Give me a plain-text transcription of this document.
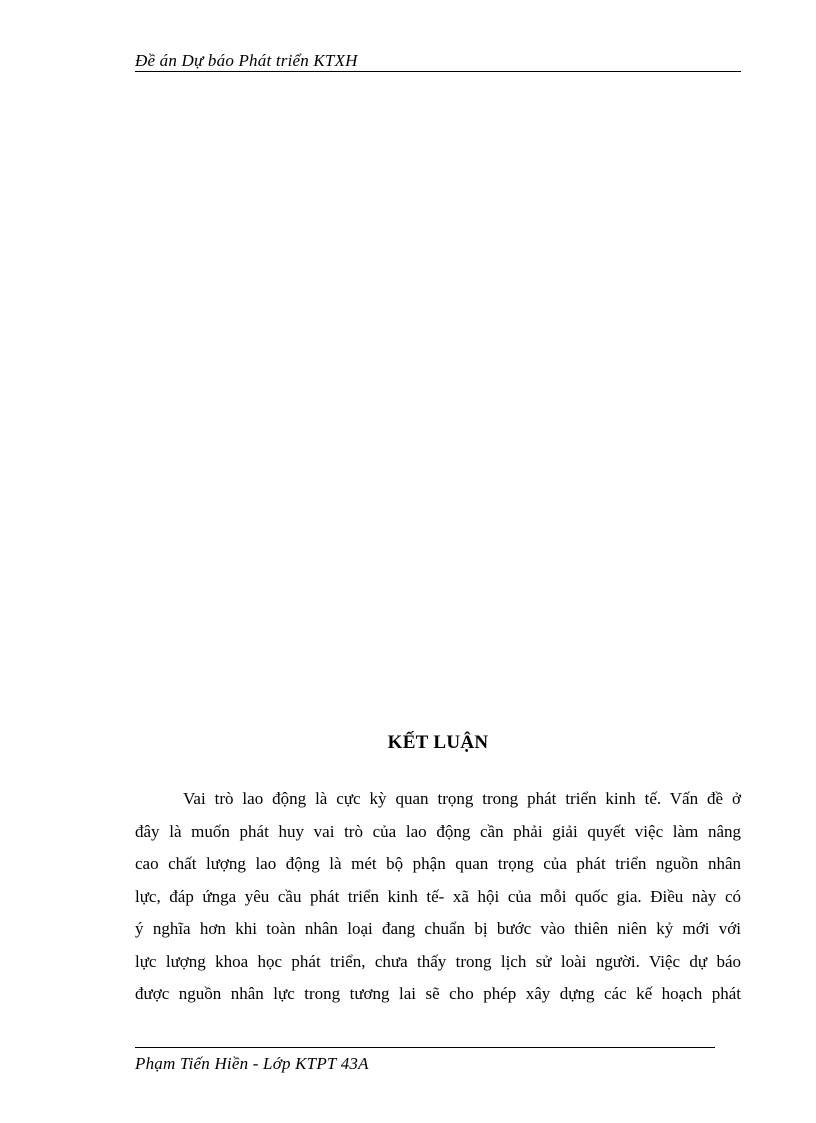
Đề án Dự báo Phát triển KTXH
KẾT LUẬN
Vai trò lao động là cực kỳ quan trọng trong phát triển kinh tế. Vấn đề ở
đây là muốn phát huy vai trò của lao động cần phải giải quyết việc làm nâng
cao chất lượng lao động là mét bộ phận quan trọng của phát triển nguồn nhân
lực, đáp ứnga yêu cầu phát triển kinh tế- xã hội của mỗi quốc gia. Điều này có
ý nghĩa hơn khi toàn nhân loại đang chuẩn bị bước vào thiên niên kỷ mới với
lực lượng khoa học phát triển, chưa thấy trong lịch sử loài người. Việc dự báo
được nguồn nhân lực trong tương lai sẽ cho phép xây dựng các kế hoạch phát
Phạm Tiến Hiền - Lớp KTPT 43A
